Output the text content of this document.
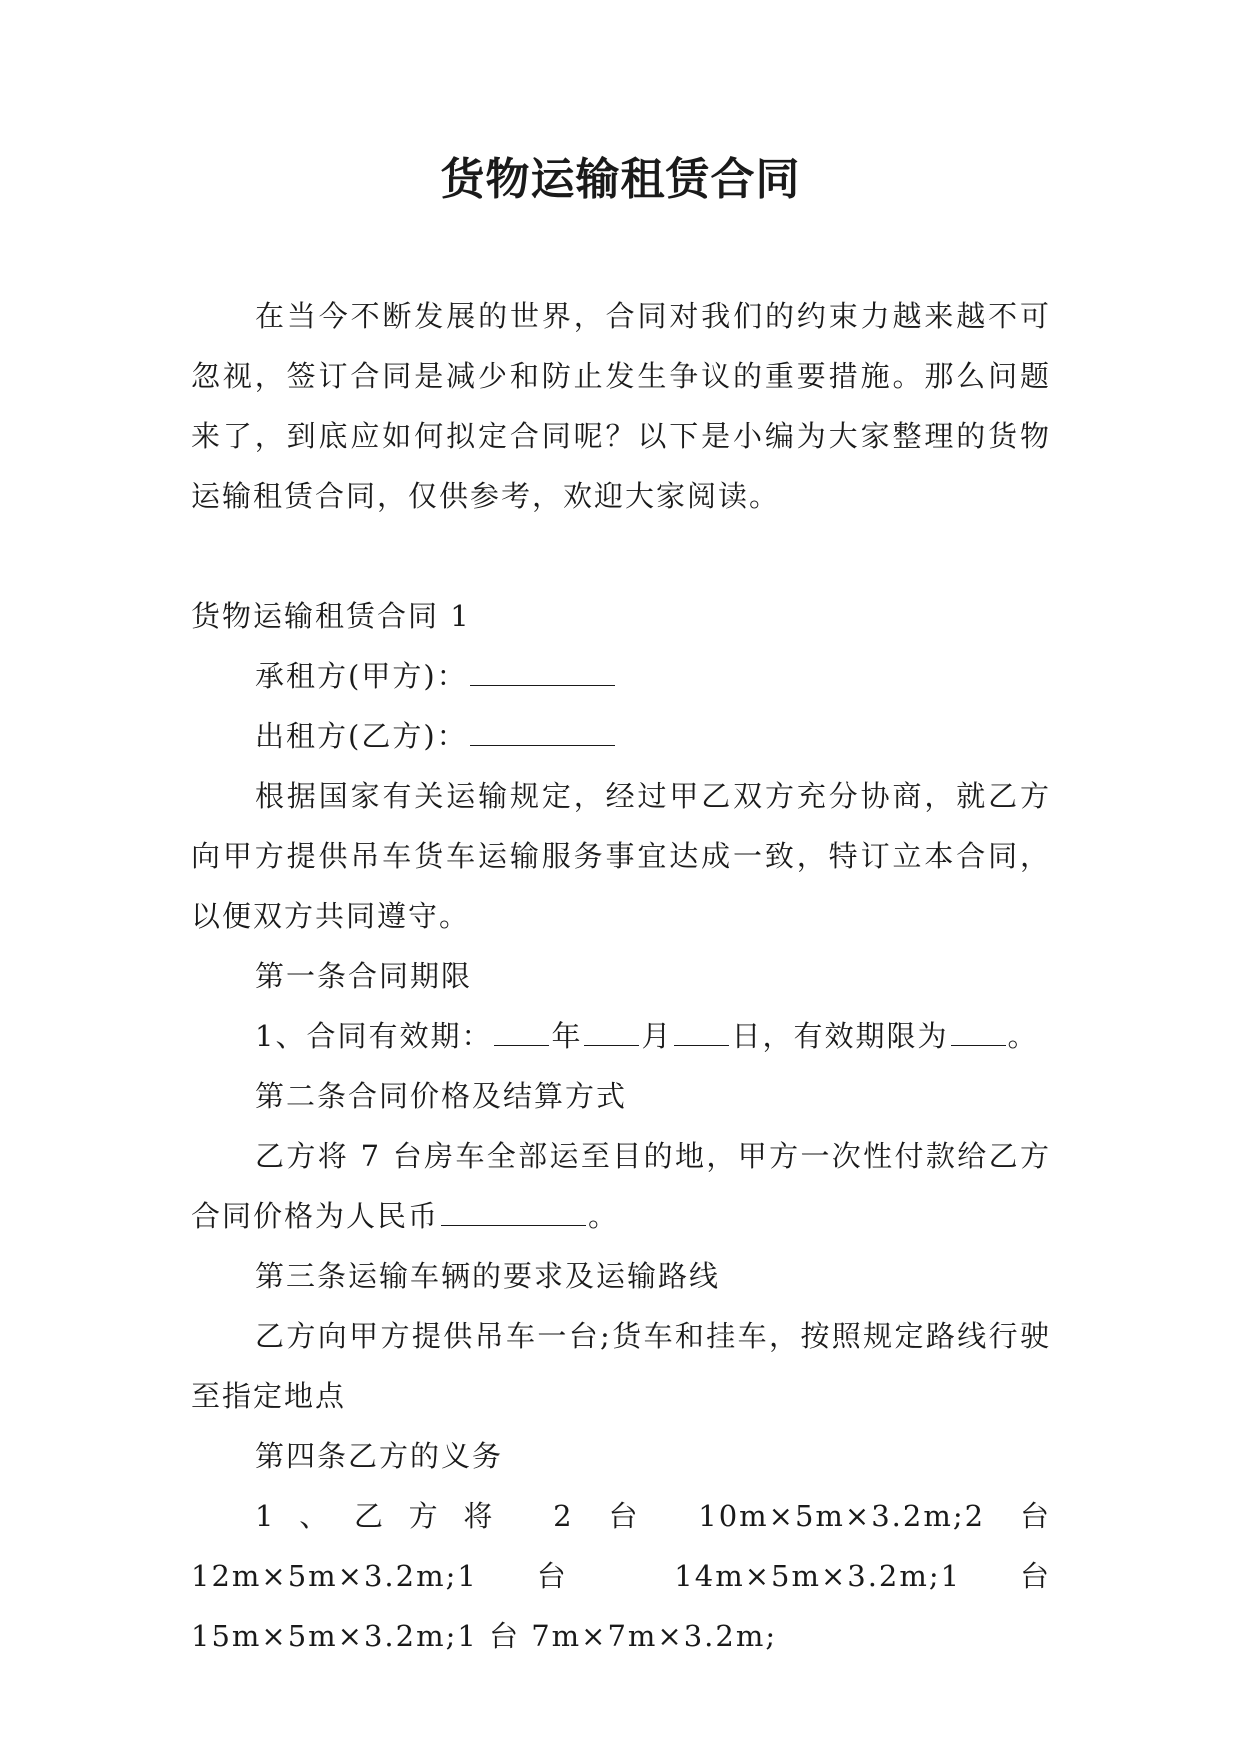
货物运输租赁合同

在当今不断发展的世界，合同对我们的约束力越来越不可忽视，签订合同是减少和防止发生争议的重要措施。那么问题来了，到底应如何拟定合同呢？以下是小编为大家整理的货物运输租赁合同，仅供参考，欢迎大家阅读。

货物运输租赁合同 1

承租方(甲方)：

出租方(乙方)：

根据国家有关运输规定，经过甲乙双方充分协商，就乙方向甲方提供吊车货车运输服务事宜达成一致，特订立本合同，以便双方共同遵守。

第一条合同期限

1、合同有效期： 年 月 日，有效期限为 。

第二条合同价格及结算方式

乙方将 7 台房车全部运至目的地，甲方一次性付款给乙方合同价格为人民币	。

第三条运输车辆的要求及运输路线

乙方向甲方提供吊车一台;货车和挂车，按照规定路线行驶至指定地点

第四条乙方的义务

1、乙方将 2 台 10m×5m×3.2m;2 台 12m×5m×3.2m;1 台 14m×5m×3.2m;1 台 15m×5m×3.2m;1 台 7m×7m×3.2m;
